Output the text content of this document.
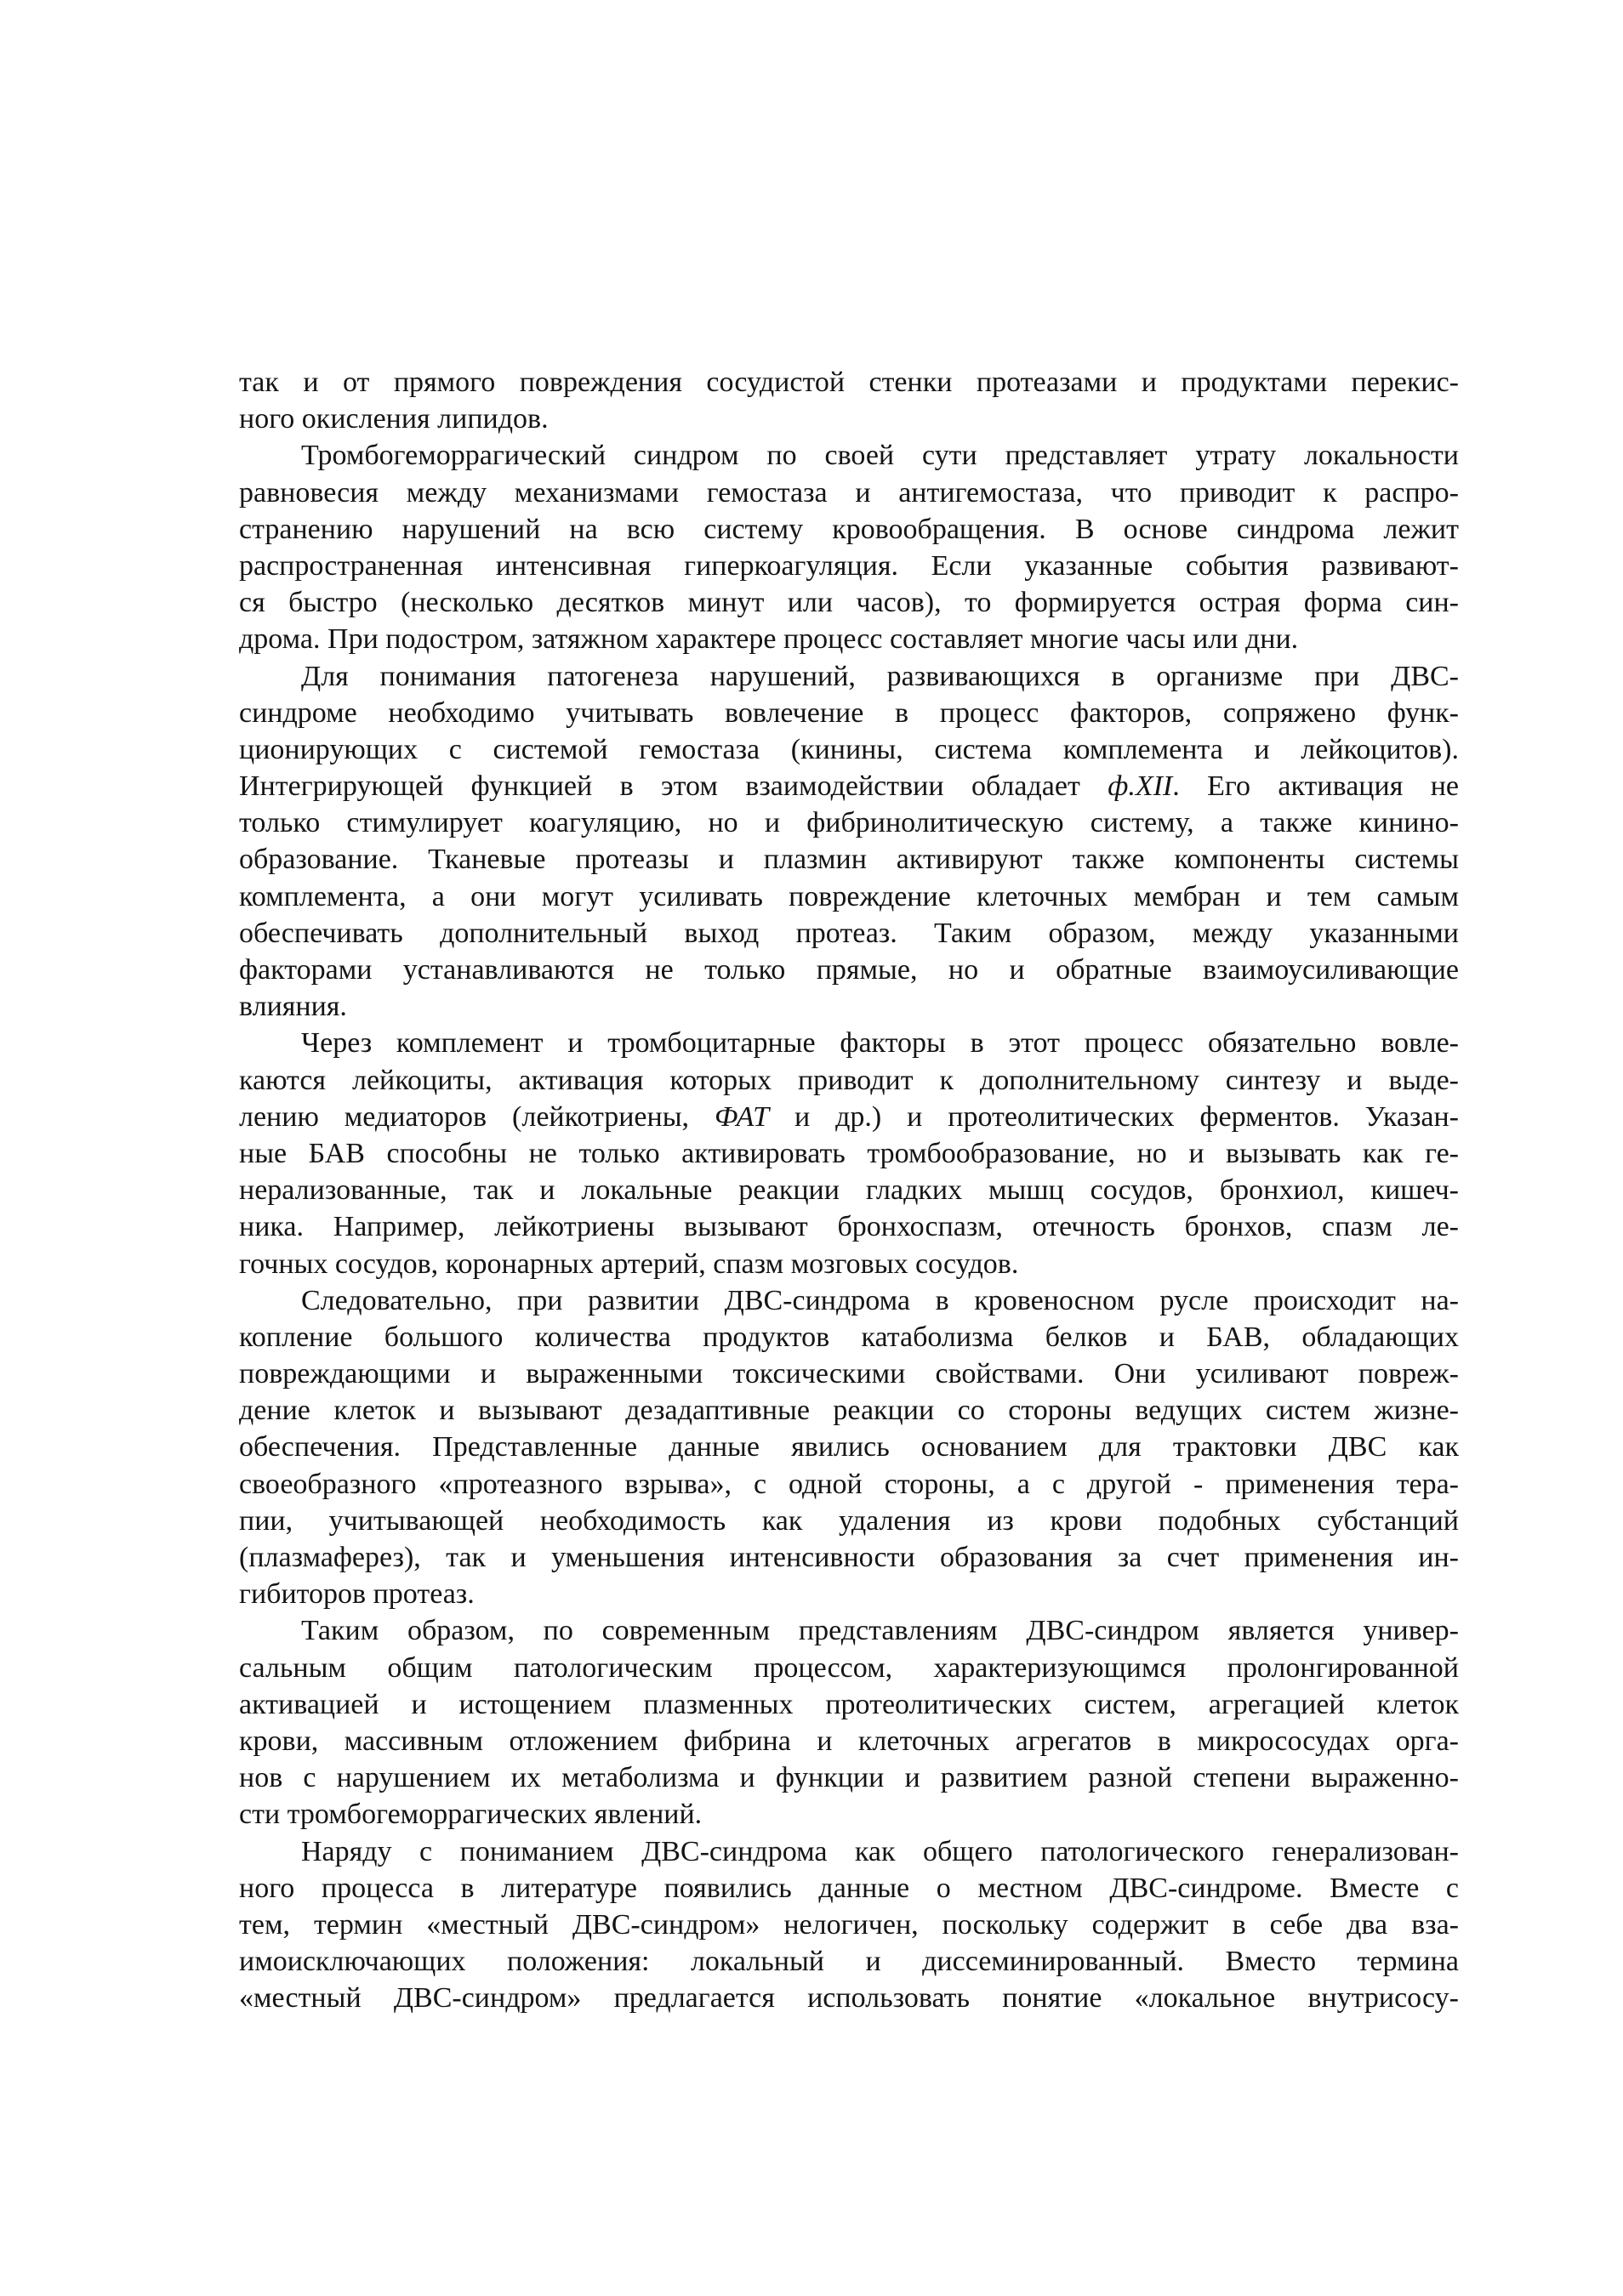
так и от прямого повреждения сосудистой стенки протеазами и продуктами перекис-
ного окисления липидов.
Тромбогеморрагический синдром по своей сути представляет утрату локальности
равновесия между механизмами гемостаза и антигемостаза, что приводит к распро-
странению нарушений на всю систему кровообращения. В основе синдрома лежит
распространенная интенсивная гиперкоагуляция. Если указанные события развивают-
ся быстро (несколько десятков минут или часов), то формируется острая форма син-
дрома. При подостром, затяжном характере процесс составляет многие часы или дни.
Для понимания патогенеза нарушений, развивающихся в организме при ДВС-
синдроме необходимо учитывать вовлечение в процесс факторов, сопряжено функ-
ционирующих с системой гемостаза (кинины, система комплемента и лейкоцитов).
Интегрирующей функцией в этом взаимодействии обладает ф.XII. Его активация не
только стимулирует коагуляцию, но и фибринолитическую систему, а также кинино-
образование. Тканевые протеазы и плазмин активируют также компоненты системы
комплемента, а они могут усиливать повреждение клеточных мембран и тем самым
обеспечивать дополнительный выход протеаз. Таким образом, между указанными
факторами устанавливаются не только прямые, но и обратные взаимоусиливающие
влияния.
Через комплемент и тромбоцитарные факторы в этот процесс обязательно вовле-
каются лейкоциты, активация которых приводит к дополнительному синтезу и выде-
лению медиаторов (лейкотриены, ФАТ и др.) и протеолитических ферментов. Указан-
ные БАВ способны не только активировать тромбообразование, но и вызывать как ге-
нерализованные, так и локальные реакции гладких мышц сосудов, бронхиол, кишеч-
ника. Например, лейкотриены вызывают бронхоспазм, отечность бронхов, спазм ле-
гочных сосудов, коронарных артерий, спазм мозговых сосудов.
Следовательно, при развитии ДВС-синдрома в кровеносном русле происходит на-
копление большого количества продуктов катаболизма белков и БАВ, обладающих
повреждающими и выраженными токсическими свойствами. Они усиливают повреж-
дение клеток и вызывают дезадаптивные реакции со стороны ведущих систем жизне-
обеспечения. Представленные данные явились основанием для трактовки ДВС как
своеобразного «протеазного взрыва», с одной стороны, а с другой - применения тера-
пии, учитывающей необходимость как удаления из крови подобных субстанций
(плазмаферез), так и уменьшения интенсивности образования за счет применения ин-
гибиторов протеаз.
Таким образом, по современным представлениям ДВС-синдром является универ-
сальным общим патологическим процессом, характеризующимся пролонгированной
активацией и истощением плазменных протеолитических систем, агрегацией клеток
крови, массивным отложением фибрина и клеточных агрегатов в микрососудах орга-
нов с нарушением их метаболизма и функции и развитием разной степени выраженно-
сти тромбогеморрагических явлений.
Наряду с пониманием ДВС-синдрома как общего патологического генерализован-
ного процесса в литературе появились данные о местном ДВС-синдроме. Вместе с
тем, термин «местный ДВС-синдром» нелогичен, поскольку содержит в себе два вза-
имоисключающих положения: локальный и диссеминированный. Вместо термина
«местный ДВС-синдром» предлагается использовать понятие «локальное внутрисосу-
